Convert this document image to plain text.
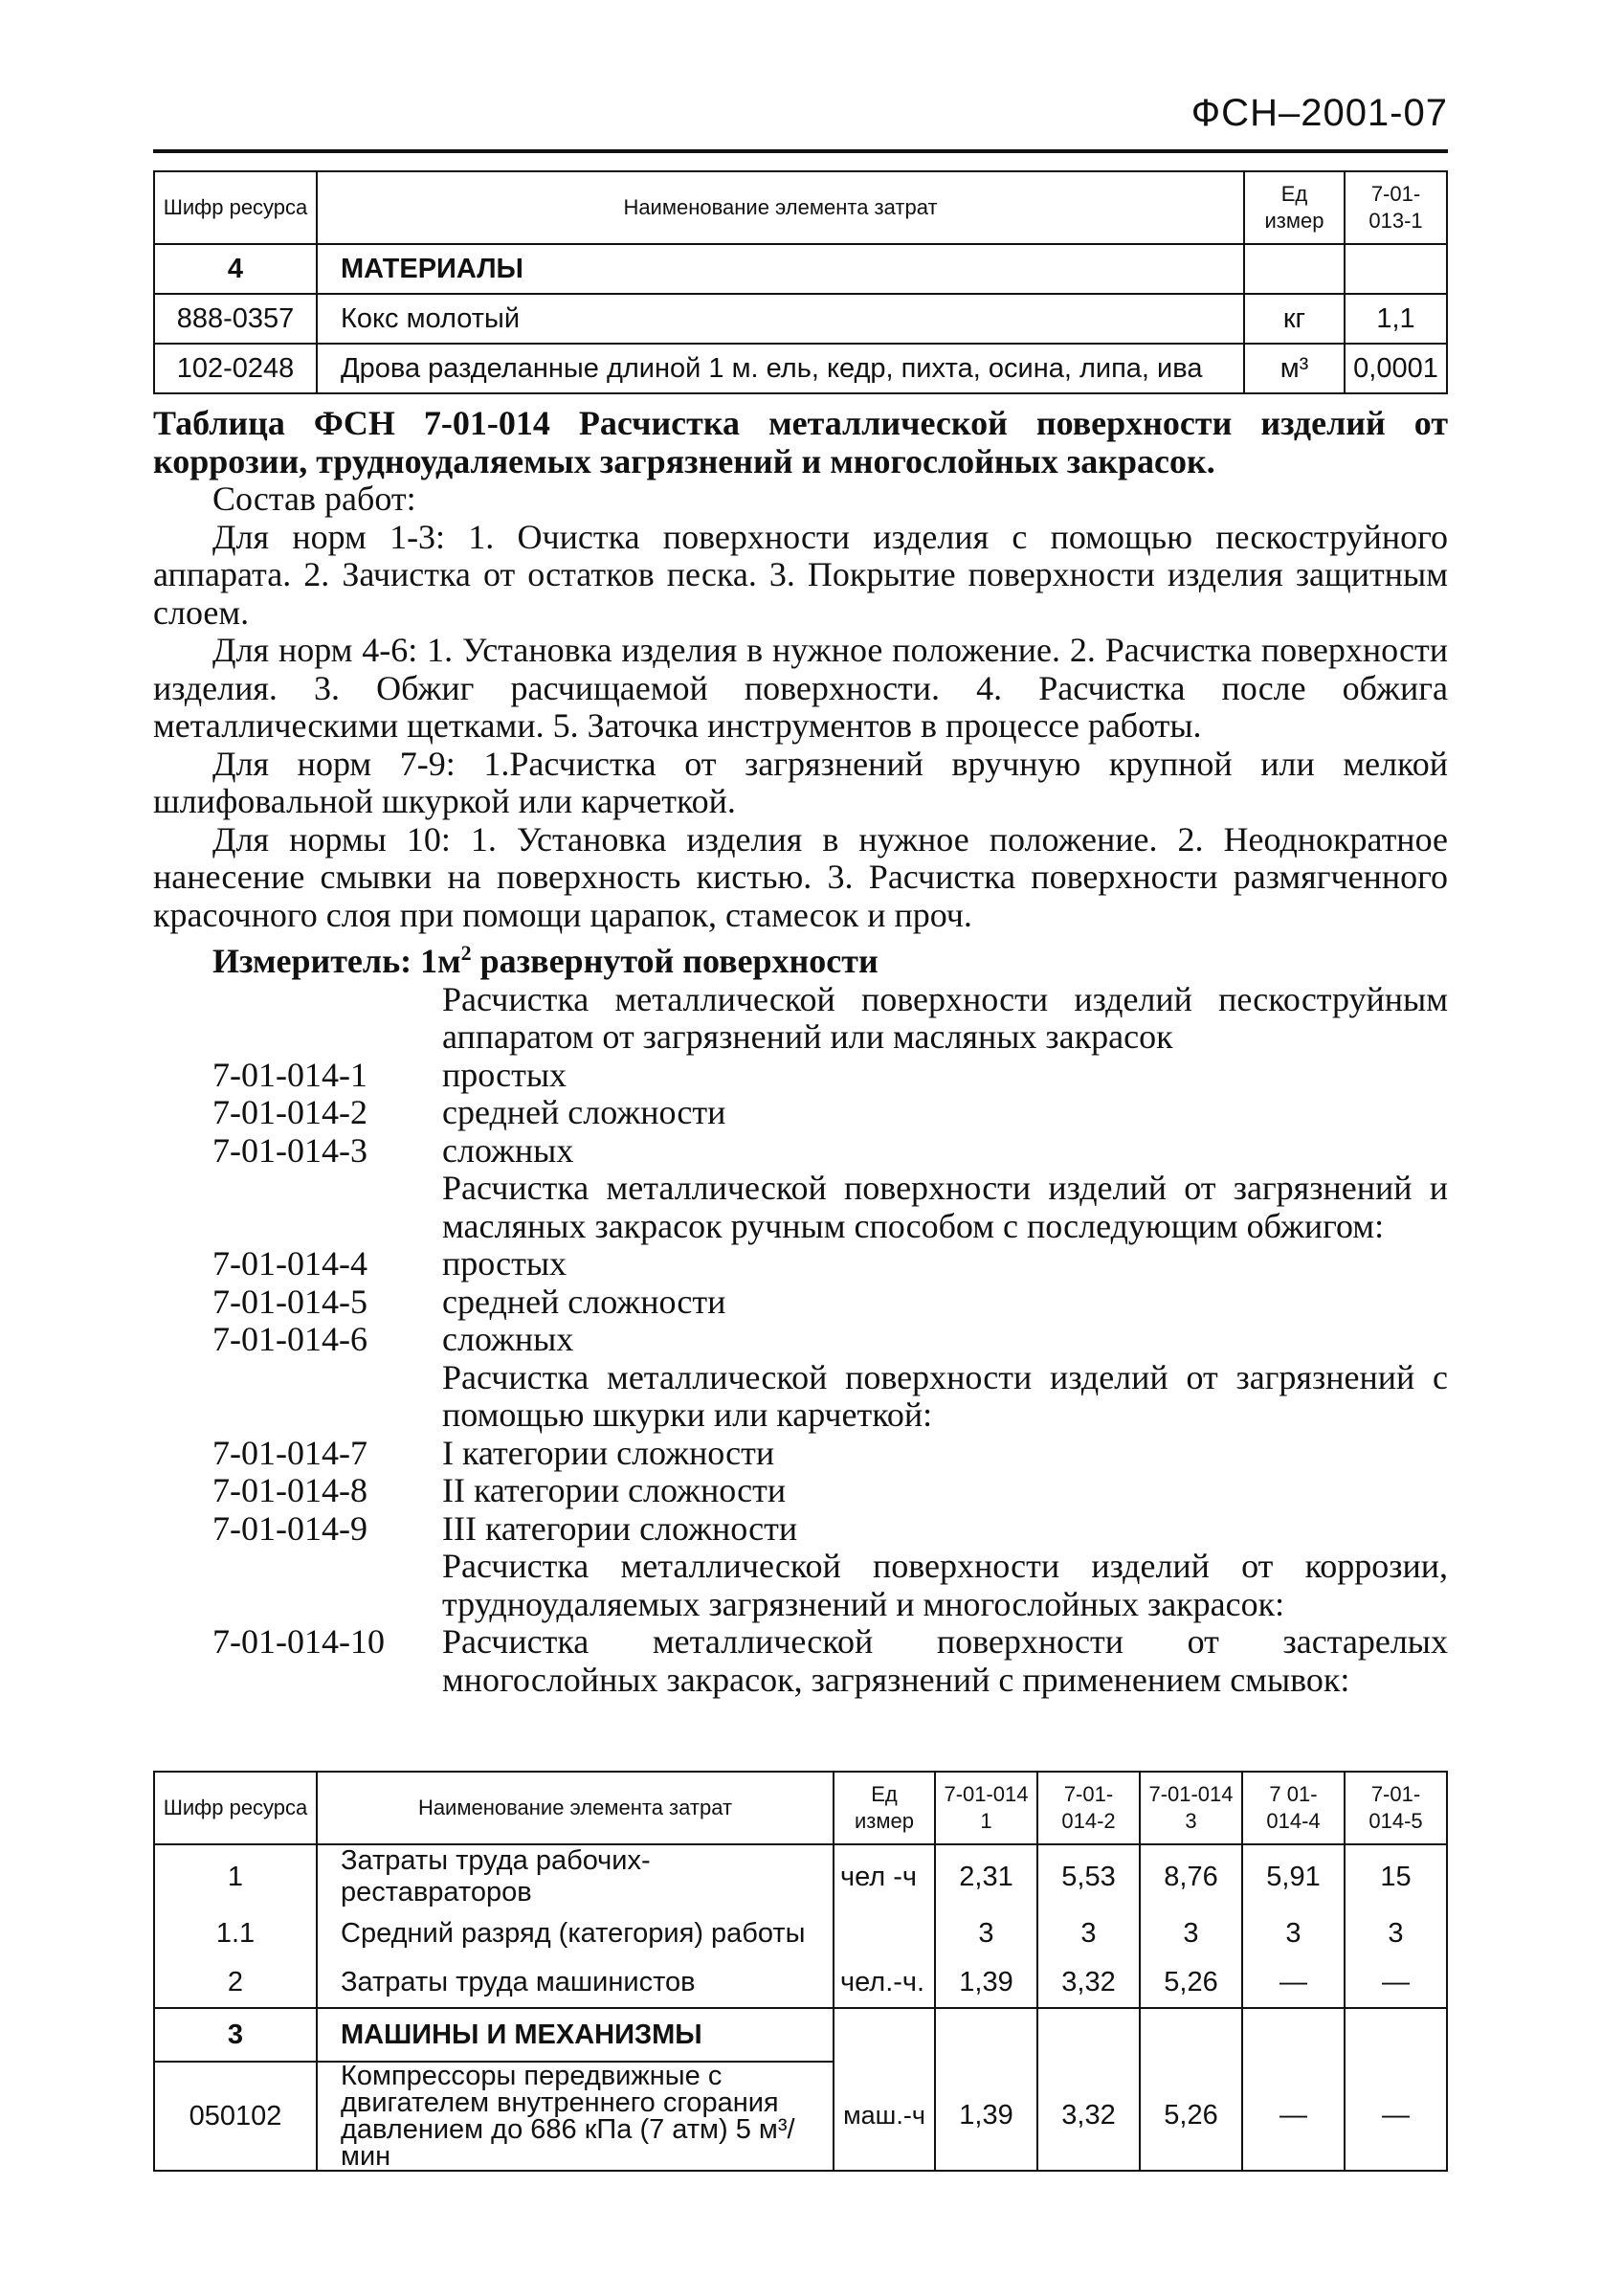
ФСН–2001-07
Шифр ресурса	Наименование элемента затрат	Ед измер	7-01-013-1
4	МАТЕРИАЛЫ		
888-0357	Кокс молотый	кг	1,1
102-0248	Дрова разделанные длиной 1 м. ель, кедр, пихта, осина, липа, ива	м³	0,0001
Таблица ФСН 7-01-014 Расчистка металлической поверхности изделий от
коррозии, трудноудаляемых загрязнений и многослойных закрасок.
Состав работ:
Для норм 1-3: 1. Очистка поверхности изделия с помощью пескоструйного аппарата. 2. Зачистка от остатков песка. 3. Покрытие поверхности изделия защитным слоем.
Для норм 4-6: 1. Установка изделия в нужное положение. 2. Расчистка поверхности изделия. 3. Обжиг расчищаемой поверхности. 4. Расчистка после обжига металлическими щетками. 5. Заточка инструментов в процессе работы.
Для норм 7-9: 1.Расчистка от загрязнений вручную крупной или мелкой шлифовальной шкуркой или карчеткой.
Для нормы 10: 1. Установка изделия в нужное положение. 2. Неоднократное нанесение смывки на поверхность кистью. 3. Расчистка поверхности размягченного красочного слоя при помощи царапок, стамесок и проч.
Измеритель: $1м^2$ развернутой поверхности
Расчистка металлической поверхности изделий пескоструйным аппаратом от загрязнений или масляных закрасок
7-01-014-1	простых
7-01-014-2	средней сложности
7-01-014-3	сложных
Расчистка металлической поверхности изделий от загрязнений и масляных закрасок ручным способом с последующим обжигом:
7-01-014-4	простых
7-01-014-5	средней сложности
7-01-014-6	сложных
Расчистка металлической поверхности изделий от загрязнений с помощью шкурки или карчеткой:
7-01-014-7	I категории сложности
7-01-014-8	II категории сложности
7-01-014-9	III категории сложности
Расчистка металлической поверхности изделий от коррозии, трудноудаляемых загрязнений и многослойных закрасок:
7-01-014-10	Расчистка металлической поверхности от застарелых многослойных закрасок, загрязнений с применением смывок:
Шифр ресурса	Наименование элемента затрат	Ед измер	7-01-014 1	7-01-014-2	7-01-014 3	7 01-014-4	7-01-014-5
1	Затраты труда рабочих-реставраторов	чел -ч	2,31	5,53	8,76	5,91	15
1.1	Средний разряд (категория) работы		3	3	3	3	3
2	Затраты труда машинистов	чел.-ч.	1,39	3,32	5,26	—	—
3	МАШИНЫ И МЕХАНИЗМЫ						
050102	Компрессоры передвижные с двигателем внутреннего сгорания давлением до 686 кПа (7 атм) 5 м³/мин	маш.-ч	1,39	3,32	5,26	—	—
